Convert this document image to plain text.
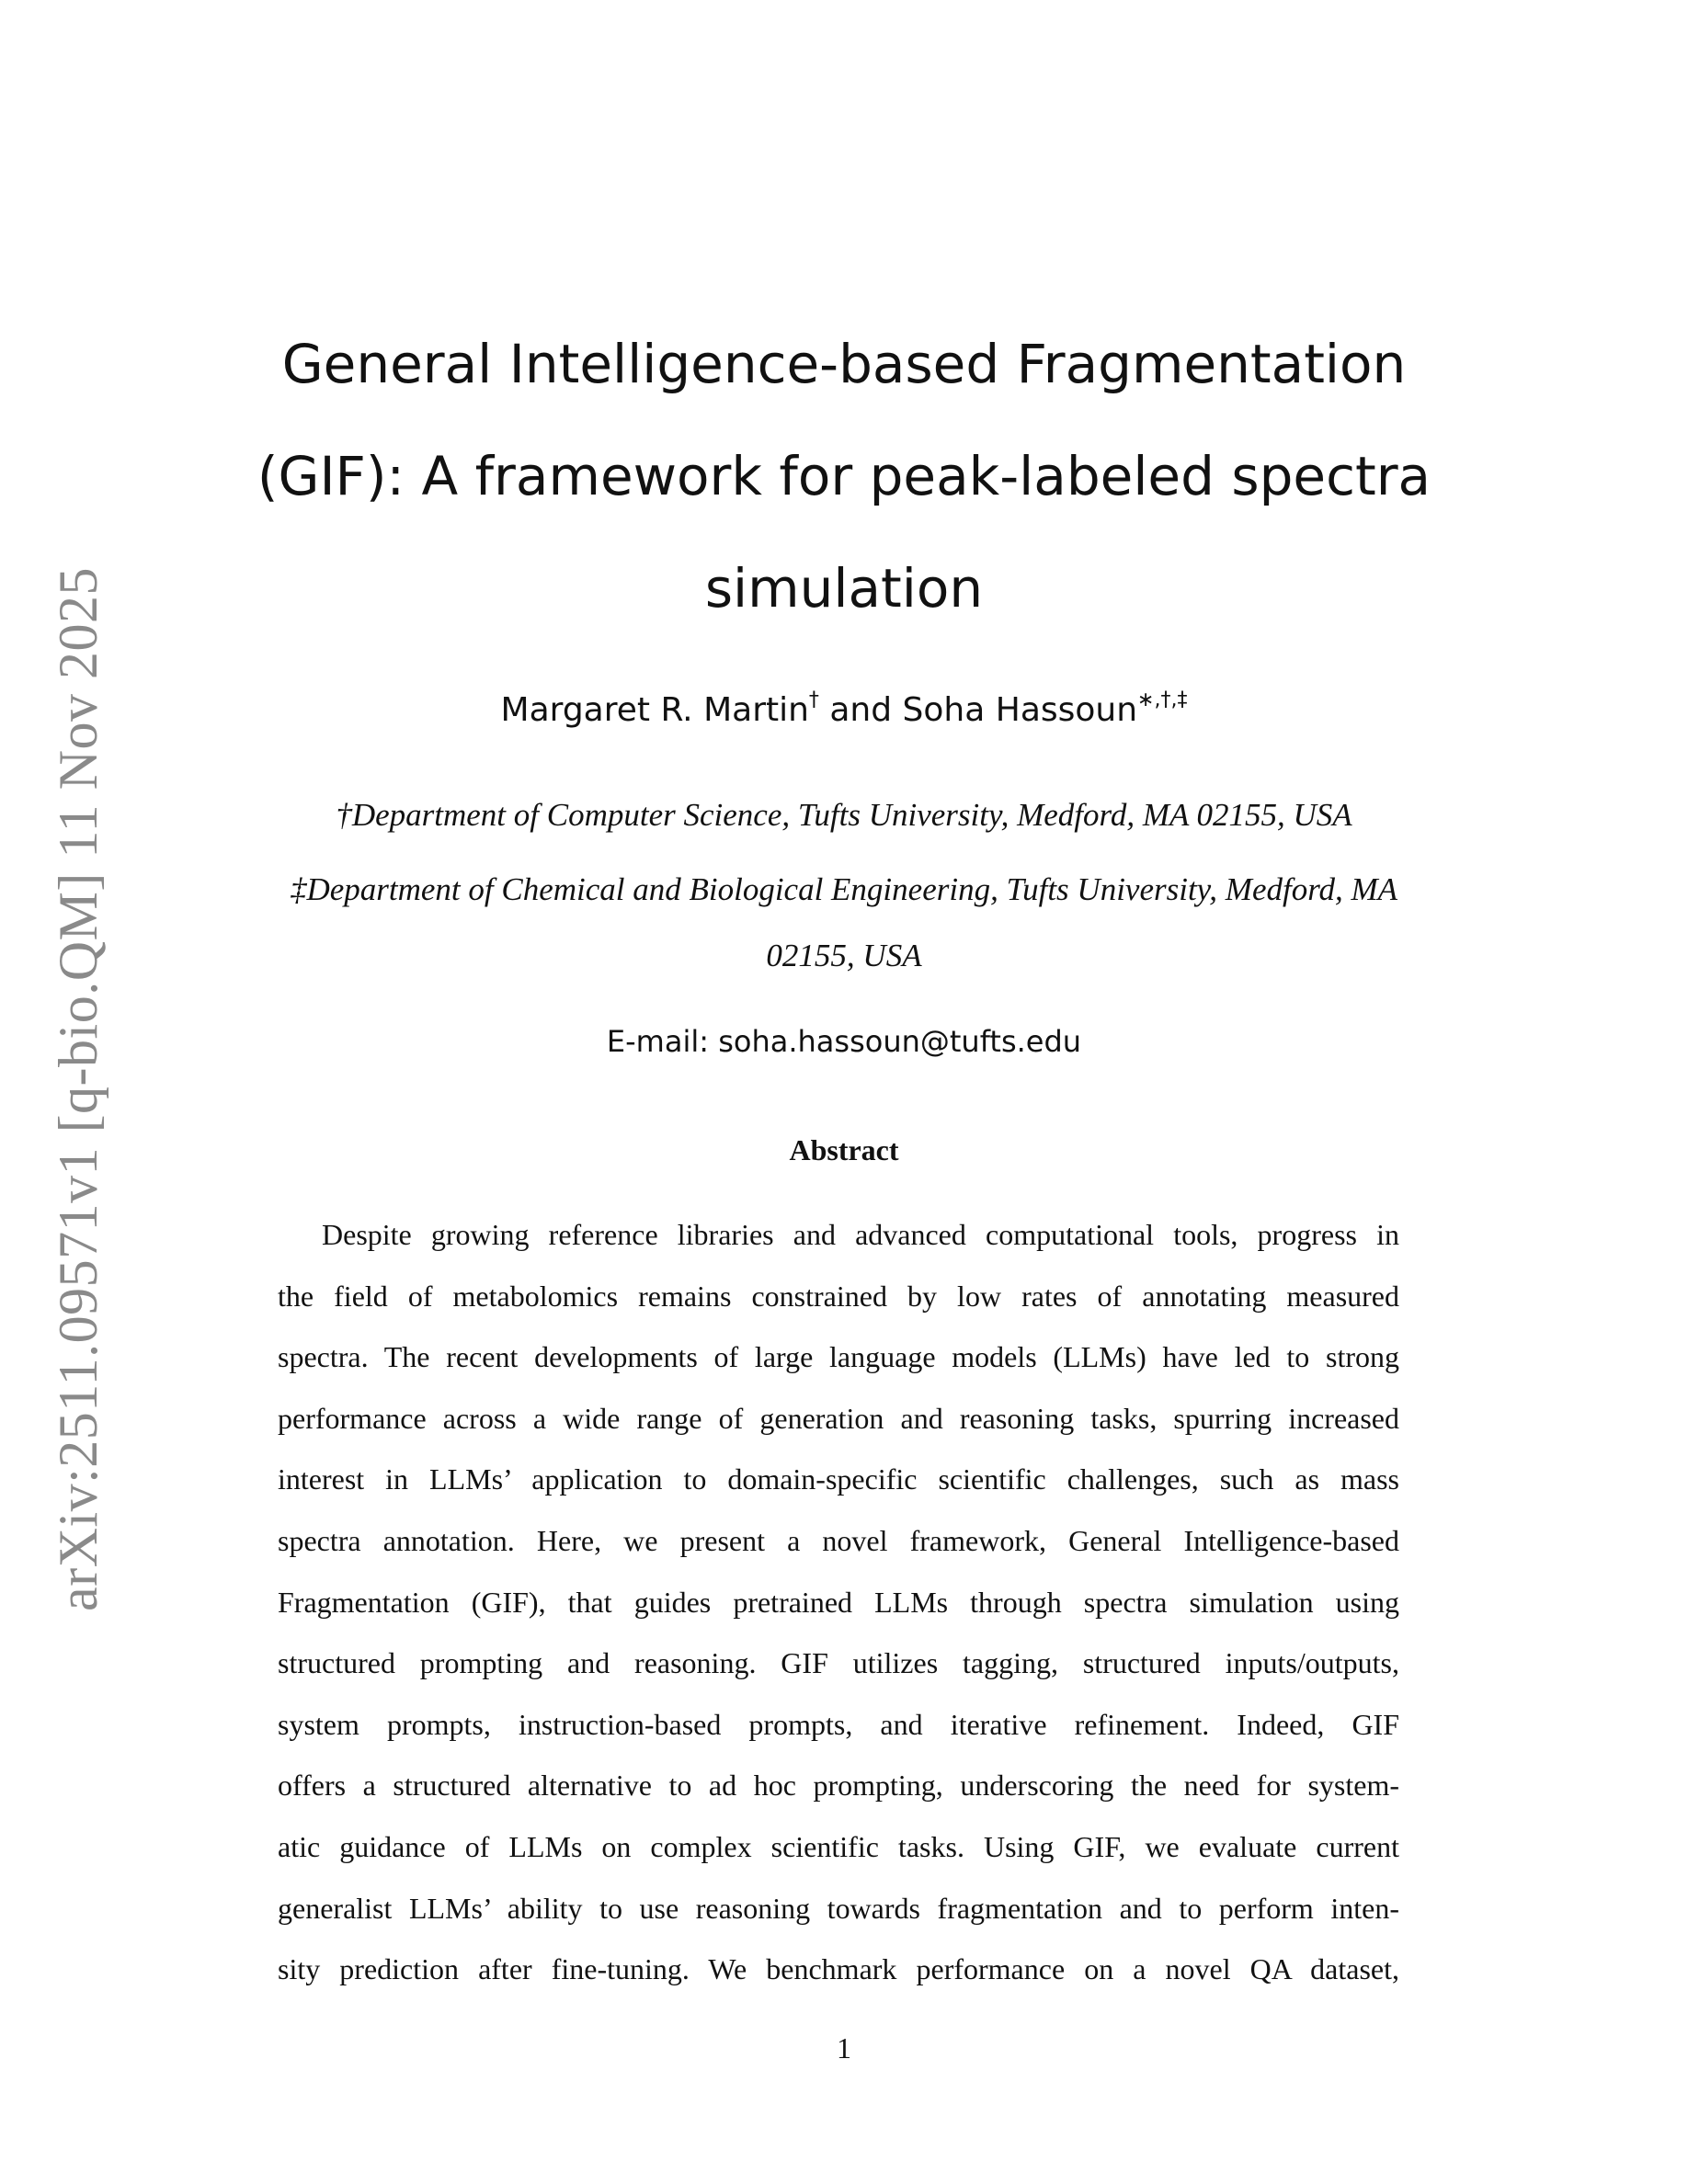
arXiv:2511.09571v1 [q-bio.QM] 11 Nov 2025
General Intelligence-based Fragmentation
(GIF): A framework for peak-labeled spectra
simulation
Margaret R. Martin† and Soha Hassoun∗,†,‡
†Department of Computer Science, Tufts University, Medford, MA 02155, USA
‡Department of Chemical and Biological Engineering, Tufts University, Medford, MA
02155, USA
E-mail: soha.hassoun@tufts.edu
Abstract
Despite growing reference libraries and advanced computational tools, progress in
the field of metabolomics remains constrained by low rates of annotating measured
spectra. The recent developments of large language models (LLMs) have led to strong
performance across a wide range of generation and reasoning tasks, spurring increased
interest in LLMs’ application to domain-specific scientific challenges, such as mass
spectra annotation. Here, we present a novel framework, General Intelligence-based
Fragmentation (GIF), that guides pretrained LLMs through spectra simulation using
structured prompting and reasoning. GIF utilizes tagging, structured inputs/outputs,
system prompts, instruction-based prompts, and iterative refinement. Indeed, GIF
offers a structured alternative to ad hoc prompting, underscoring the need for system-
atic guidance of LLMs on complex scientific tasks. Using GIF, we evaluate current
generalist LLMs’ ability to use reasoning towards fragmentation and to perform inten-
sity prediction after fine-tuning. We benchmark performance on a novel QA dataset,
1
